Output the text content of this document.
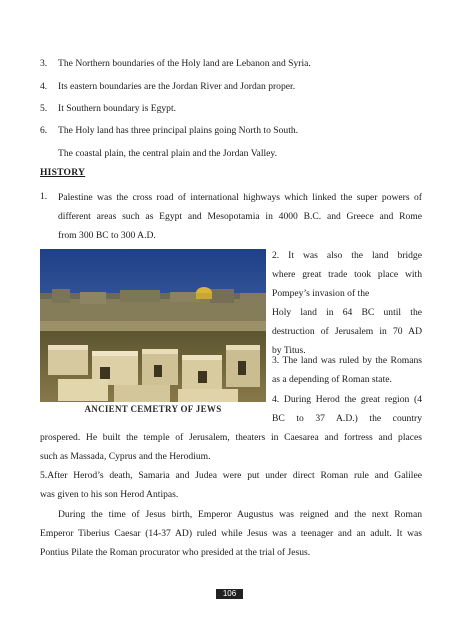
3. The Northern boundaries of the Holy land are Lebanon and Syria.
4. Its eastern boundaries are the Jordan River and Jordan proper.
5. It Southern boundary is Egypt.
6. The Holy land has three principal plains going North to South.
The coastal plain, the central plain and the Jordan Valley.
HISTORY
1. Palestine was the cross road of international highways which linked the super powers of
different areas such as Egypt and Mesopotamia in 4000 B.C. and Greece and Rome
from 300 BC to 300 A.D.
ANCIENT CEMETRY OF JEWS
2. It was also the land bridge
where great trade took place with
Pompey’s invasion of the
Holy land in 64 BC until the
destruction of Jerusalem in 70 AD
by Titus.
3. The land was ruled by the Romans
as a depending of Roman state.
4. During Herod the great region (4
BC to 37 A.D.) the country
prospered. He built the temple of Jerusalem, theaters in Caesarea and fortress and places
such as Massada, Cyprus and the Herodium.
5.After Herod’s death, Samaria and Judea were put under direct Roman rule and Galilee
was given to his son Herod Antipas.
During the time of Jesus birth, Emperor Augustus was reigned and the next Roman
Emperor Tiberius Caesar (14-37 AD) ruled while Jesus was a teenager and an adult. It was
Pontius Pilate the Roman procurator who presided at the trial of Jesus.
106
